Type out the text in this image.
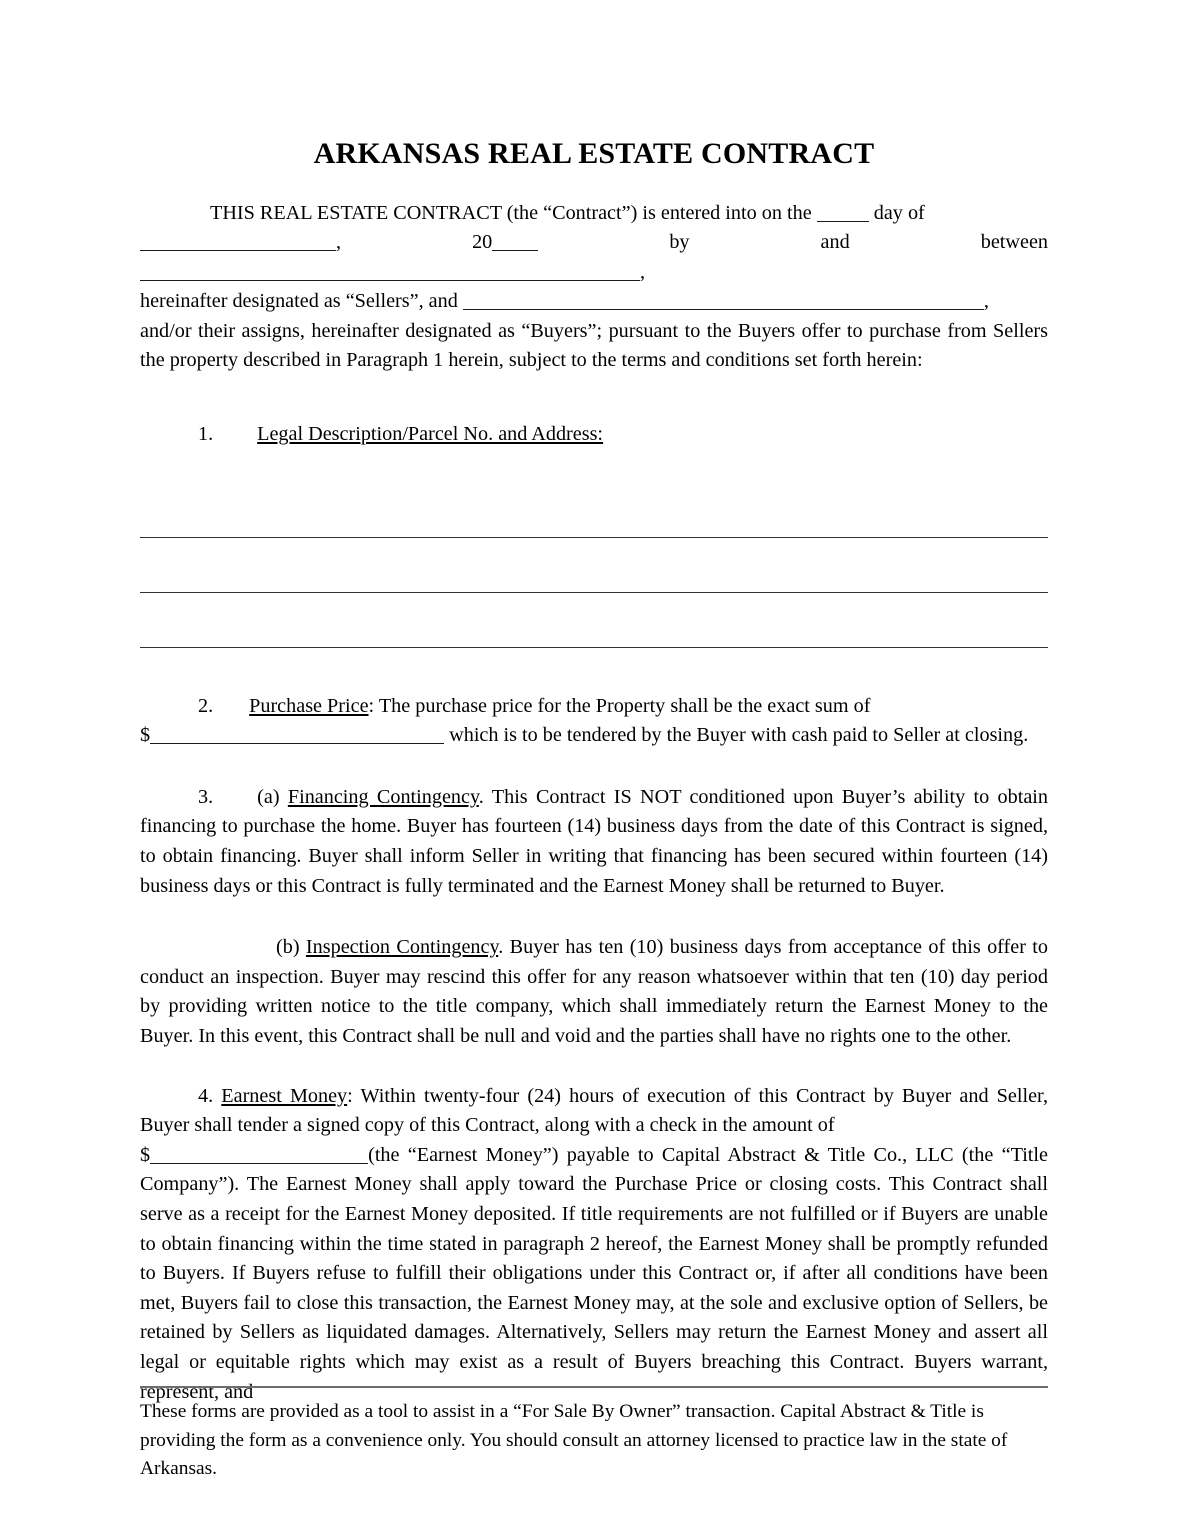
ARKANSAS REAL ESTATE CONTRACT

THIS REAL ESTATE CONTRACT (the “Contract”) is entered into on the	day of
, 20	by and between ,
hereinafter designated as “Sellers”, and	,
and/or their assigns, hereinafter designated as “Buyers”; pursuant to the Buyers offer to purchase from Sellers the property described in Paragraph 1 herein, subject to the terms and conditions set forth herein:

1. Legal Description/Parcel No. and Address:

2. Purchase Price: The purchase price for the Property shall be the exact sum of
$	which is to be tendered by the Buyer with cash paid to Seller at closing.

3. (a) Financing Contingency. This Contract IS NOT conditioned upon Buyer’s ability to obtain financing to purchase the home. Buyer has fourteen (14) business days from the date of this Contract is signed, to obtain financing. Buyer shall inform Seller in writing that financing has been secured within fourteen (14) business days or this Contract is fully terminated and the Earnest Money shall be returned to Buyer.

(b) Inspection Contingency. Buyer has ten (10) business days from acceptance of this offer to conduct an inspection. Buyer may rescind this offer for any reason whatsoever within that ten (10) day period by providing written notice to the title company, which shall immediately return the Earnest Money to the Buyer. In this event, this Contract shall be null and void and the parties shall have no rights one to the other.

4. Earnest Money: Within twenty-four (24) hours of execution of this Contract by Buyer and Seller, Buyer shall tender a signed copy of this Contract, along with a check in the amount of
$	(the “Earnest Money”) payable to Capital Abstract & Title Co., LLC (the “Title Company”). The Earnest Money shall apply toward the Purchase Price or closing costs. This Contract shall serve as a receipt for the Earnest Money deposited. If title requirements are not fulfilled or if Buyers are unable to obtain financing within the time stated in paragraph 2 hereof, the Earnest Money shall be promptly refunded to Buyers. If Buyers refuse to fulfill their obligations under this Contract or, if after all conditions have been met, Buyers fail to close this transaction, the Earnest Money may, at the sole and exclusive option of Sellers, be retained by Sellers as liquidated damages. Alternatively, Sellers may return the Earnest Money and assert all legal or equitable rights which may exist as a result of Buyers breaching this Contract. Buyers warrant, represent, and

These forms are provided as a tool to assist in a “For Sale By Owner” transaction. Capital Abstract & Title is providing the form as a convenience only. You should consult an attorney licensed to practice law in the state of Arkansas.
